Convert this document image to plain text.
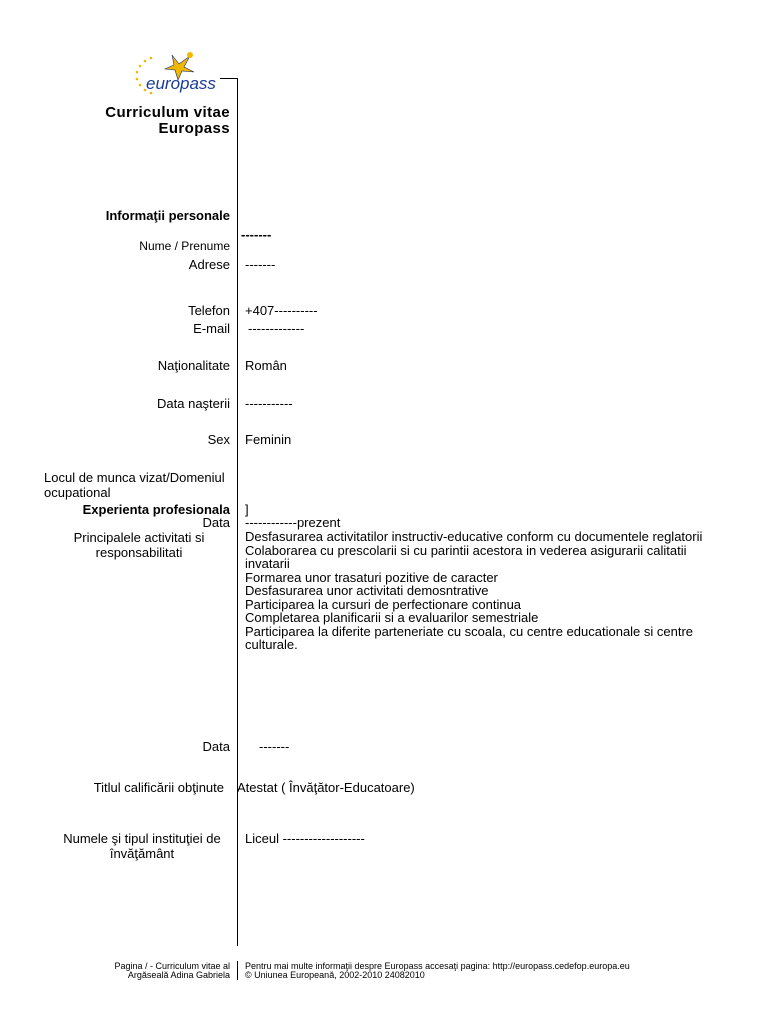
europass
Curriculum vitae
Europass
Informaţii personale
-------
Nume / Prenume
Adrese -------
Telefon +407----------
E-mail -------------
Naţionalitate Român
Data naşterii -----------
Sex Feminin
Locul de munca vizat/Domeniul
ocupational
Experienta profesionala ]
Data ------------prezent
Principalele activitati si
responsabilitati
Desfasurarea activitatilor instructiv-educative conform cu documentele reglatorii
Colaborarea cu prescolarii si cu parintii acestora in vederea asigurarii calitatii
invatarii
Formarea unor trasaturi pozitive de caracter
Desfasurarea unor activitati demosntrative
Participarea la cursuri de perfectionare continua
Completarea planificarii si a evaluarilor semestriale
Participarea la diferite parteneriate cu scoala, cu centre educationale si centre
culturale.
Data -------
Titlul calificării obţinute Atestat ( Învăţător-Educatoare)
Numele şi tipul instituţiei de
învăţământ
Liceul -------------------
Pagina / - Curriculum vitae al
Argăseală Adina Gabriela
Pentru mai multe informaţii despre Europass accesaţi pagina: http://europass.cedefop.europa.eu
© Uniunea Europeană, 2002-2010 24082010
